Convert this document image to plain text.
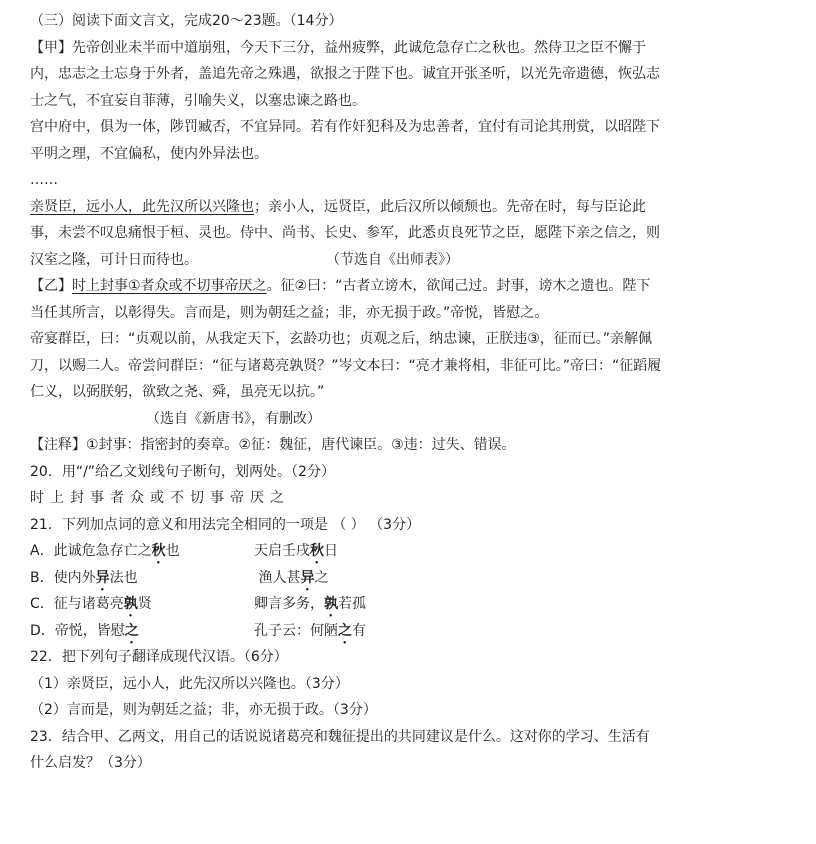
（三）阅读下面文言文，完成20～23题。（14分）
【甲】先帝创业未半而中道崩殂，今天下三分，益州疲弊，此诚危急存亡之秋也。然侍卫之臣不懈于
内，忠志之士忘身于外者，盖追先帝之殊遇，欲报之于陛下也。诚宜开张圣听，以光先帝遗德，恢弘志
士之气，不宜妄自菲薄，引喻失义，以塞忠谏之路也。
宫中府中，俱为一体，陟罚臧否，不宜异同。若有作奸犯科及为忠善者，宜付有司论其刑赏，以昭陛下
平明之理，不宜偏私，使内外异法也。
……
亲贤臣，远小人，此先汉所以兴隆也；亲小人，远贤臣，此后汉所以倾颓也。先帝在时，每与臣论此
事，未尝不叹息痛恨于桓、灵也。侍中、尚书、长史、参军，此悉贞良死节之臣，愿陛下亲之信之，则
汉室之隆，可计日而待也。	（节选自《出师表》）
【乙】时上封事①者众或不切事帝厌之。征②曰：“古者立谤木，欲闻己过。封事，谤木之遗也。陛下
当任其所言，以彰得失。言而是，则为朝廷之益；非，亦无损于政。”帝悦，皆慰之。
帝宴群臣，曰：“贞观以前，从我定天下，玄龄功也；贞观之后，纳忠谏，正朕违③，征而已。”亲解佩
刀，以赐二人。帝尝问群臣：“征与诸葛亮孰贤？”岑文本曰：“亮才兼将相，非征可比。”帝曰：“征蹈履
仁义，以弼朕躬，欲致之尧、舜，虽亮无以抗。”
（选自《新唐书》，有删改）
【注释】①封事：指密封的奏章。②征：魏征，唐代谏臣。③违：过失、错误。
20．用“/”给乙文划线句子断句，划两处。（2分）
时上封事者众或不切事帝厌之
21．下列加点词的意义和用法完全相同的一项是 （ ） （3分）
A．此诚危急存亡之秋也	天启壬戌秋日
B．使内外异法也	渔人甚异之
C．征与诸葛亮孰贤	卿言多务，孰若孤
D．帝悦，皆慰之	孔子云：何陋之有
22．把下列句子翻译成现代汉语。（6分）
（1）亲贤臣，远小人，此先汉所以兴隆也。（3分）
（2）言而是，则为朝廷之益；非，亦无损于政。（3分）
23．结合甲、乙两文，用自己的话说说诸葛亮和魏征提出的共同建议是什么。这对你的学习、生活有
什么启发？（3分）
